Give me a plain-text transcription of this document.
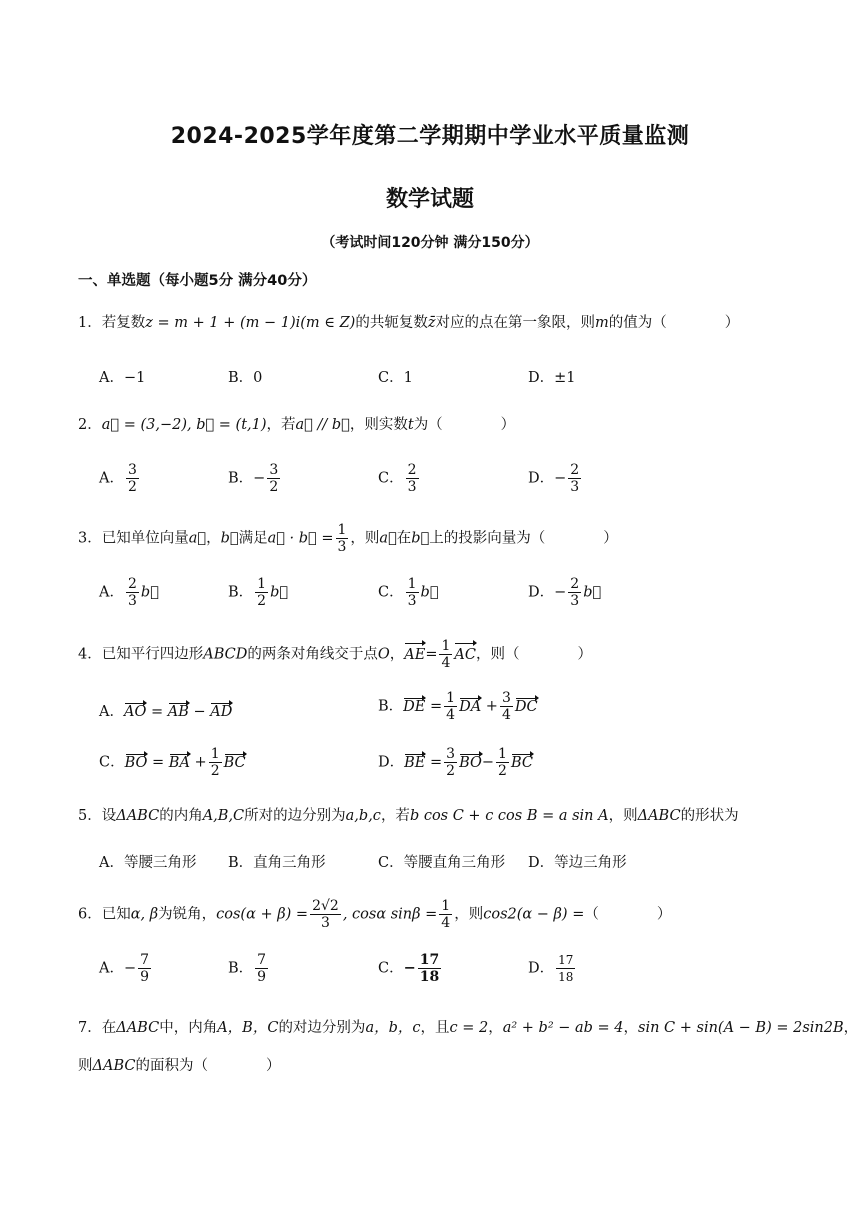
2024-2025学年度第二学期期中学业水平质量监测
数学试题
（考试时间120分钟 满分150分）
一、单选题（每小题5分 满分40分）
1．若复数z = m + 1 + (m − 1)i(m ∈ Z)的共轭复数z̄对应的点在第一象限，则m的值为（　　　　）
A．−1	B．0	C．1	D．±1
2．a⃗ = (3,−2), b⃗ = (t,1)，若a⃗ // b⃗，则实数t为（　　　　）
A． $\frac{3}{2}$	B．− $\frac{3}{2}$	C． $\frac{2}{3}$	D．− $\frac{2}{3}$
3．已知单位向量a⃗，b⃗满足a⃗ · b⃗ = $\frac{1}{3}$ ，则a⃗在b⃗上的投影向量为（　　　　）
A． $\frac{2}{3}$ b⃗	B． $\frac{1}{2}$ b⃗	C． $\frac{1}{3}$ b⃗	D．− $\frac{2}{3}$ b⃗
4．已知平行四边形ABCD的两条对角线交于点O，$AE= \frac{1}{4}$ AC，则（　　　　）
A．AO = AB − AD	B．DE = $\frac{1}{4}$ DA + $\frac{3}{4}$ DC
C．BO = BA + $\frac{1}{2}$ BC	D．BE = $\frac{3}{2} BO- \frac{1}{2}$ BC
5．设ΔABC的内角A,B,C所对的边分别为a,b,c，若b cos C + c cos B = a sin A，则ΔABC的形状为
A．等腰三角形 B．直角三角形	C．等腰直角三角形 D．等边三角形
6．已知α, β为锐角，$\cos(\alpha + \beta) = \frac{2√2}{3}$ , cosα $\sin\beta = \frac{1}{4}$ ，则cos2(α − β) =（　　　　）
A．− $\frac{7}{9}$	B． $\frac{7}{9}$	C．− $\frac{17}{18}$	D． $\frac{17}{18}$
7．在ΔABC中，内角A，B，C的对边分别为a，b，c，且c = 2，a² + b² − ab = 4，sin C + sin(A − B) = 2sin2B，
则ΔABC的面积为（　　　　）
